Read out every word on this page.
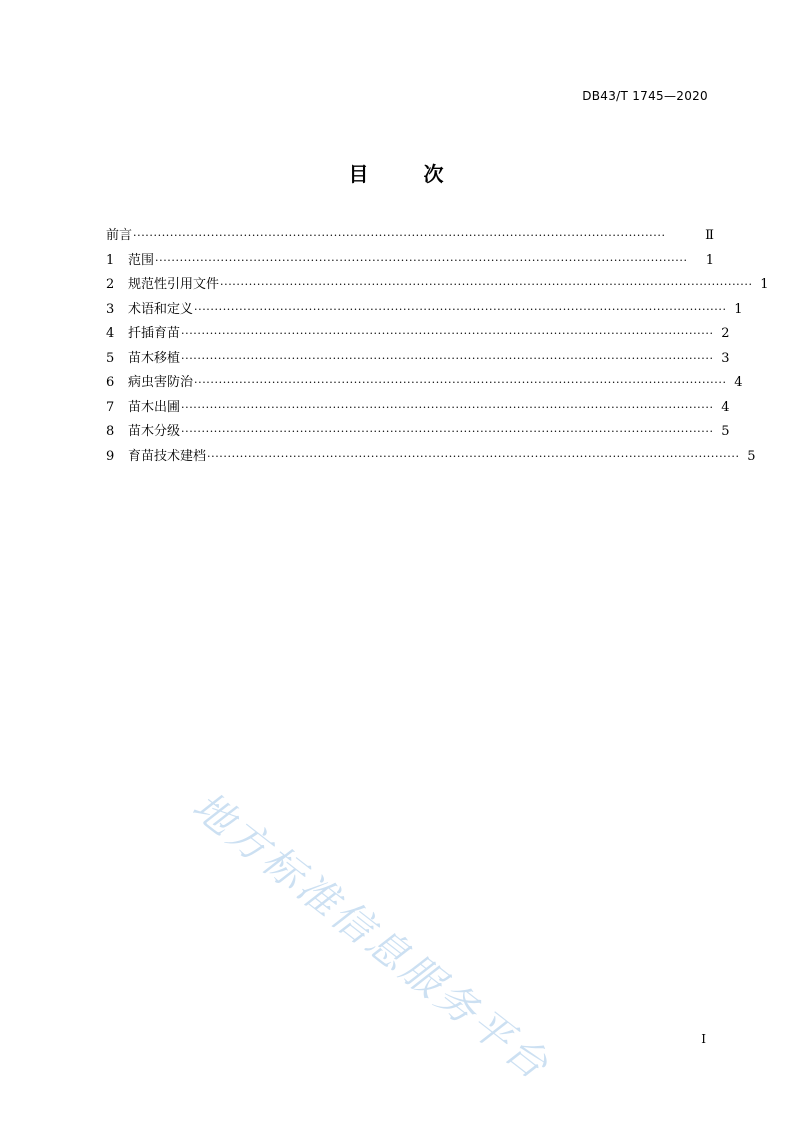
DB43/T 1745—2020
目	次
前言 ··································································································································	Ⅱ
1	范围 ··································································································································	1
2	规范性引用文件 ·································································································································· 1
3	术语和定义 ·································································································································· 1
4	扦插育苗 ·································································································································· 2
5	苗木移植 ·································································································································· 3
6	病虫害防治 ·································································································································· 4
7	苗木出圃 ·································································································································· 4
8	苗木分级 ·································································································································· 5
9	育苗技术建档 ·································································································································· 5
地方标准信息服务平台	I
